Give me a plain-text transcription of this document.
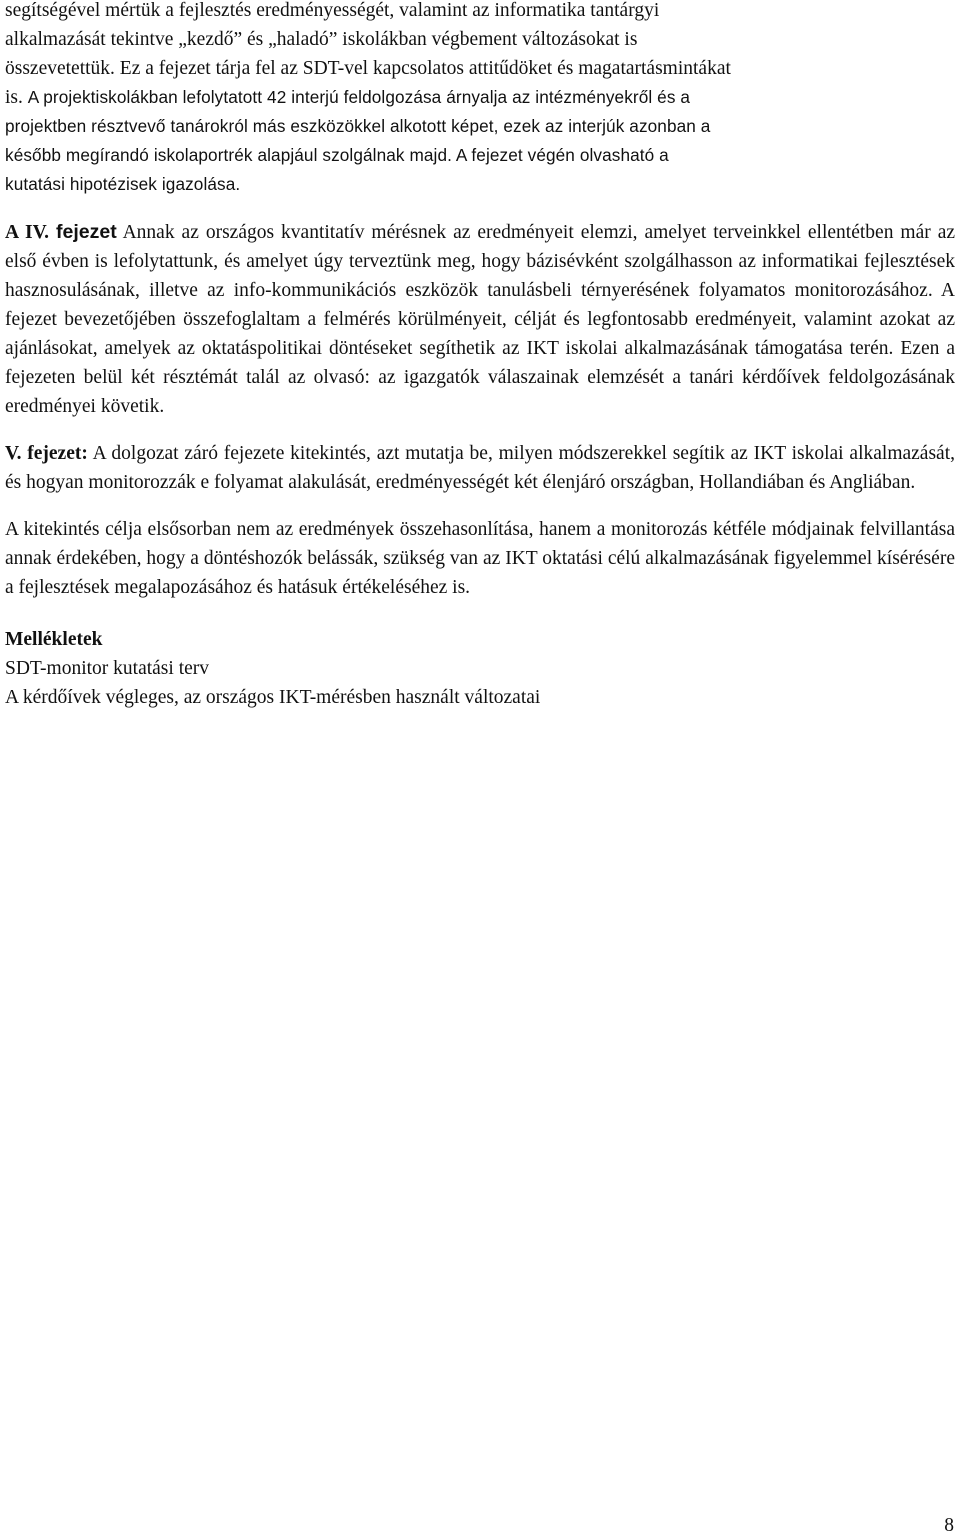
segítségével mértük a fejlesztés eredményességét, valamint az informatika tantárgyi
alkalmazását tekintve „kezdő” és „haladó” iskolákban végbement változásokat is
összevetettük. Ez a fejezet tárja fel az SDT-vel kapcsolatos attitűdöket és magatartásmintákat
is. A projektiskolákban lefolytatott 42 interjú feldolgozása árnyalja az intézményekről és a
projektben résztvevő tanárokról más eszközökkel alkotott képet, ezek az interjúk azonban a
később megírandó iskolaportrék alapjául szolgálnak majd. A fejezet végén olvasható a
kutatási hipotézisek igazolása.

A IV. fejezet Annak az országos kvantitatív mérésnek az eredményeit elemzi, amelyet terveinkkel ellentétben már az első évben is lefolytattunk, és amelyet úgy terveztünk meg, hogy bázisévként szolgálhasson az informatikai fejlesztések hasznosulásának, illetve az info-kommunikációs eszközök tanulásbeli térnyerésének folyamatos monitorozásához. A fejezet bevezetőjében összefoglaltam a felmérés körülményeit, célját és legfontosabb eredményeit, valamint azokat az ajánlásokat, amelyek az oktatáspolitikai döntéseket segíthetik az IKT iskolai alkalmazásának támogatása terén. Ezen a fejezeten belül két résztémát talál az olvasó: az igazgatók válaszainak elemzését a tanári kérdőívek feldolgozásának eredményei követik.

V. fejezet: A dolgozat záró fejezete kitekintés, azt mutatja be, milyen módszerekkel segítik az IKT iskolai alkalmazását, és hogyan monitorozzák e folyamat alakulását, eredményességét két élenjáró országban, Hollandiában és Angliában.

A kitekintés célja elsősorban nem az eredmények összehasonlítása, hanem a monitorozás kétféle módjainak felvillantása annak érdekében, hogy a döntéshozók belássák, szükség van az IKT oktatási célú alkalmazásának figyelemmel kísérésére a fejlesztések megalapozásához és hatásuk értékeléséhez is.

Mellékletek
SDT-monitor kutatási terv
A kérdőívek végleges, az országos IKT-mérésben használt változatai
8
